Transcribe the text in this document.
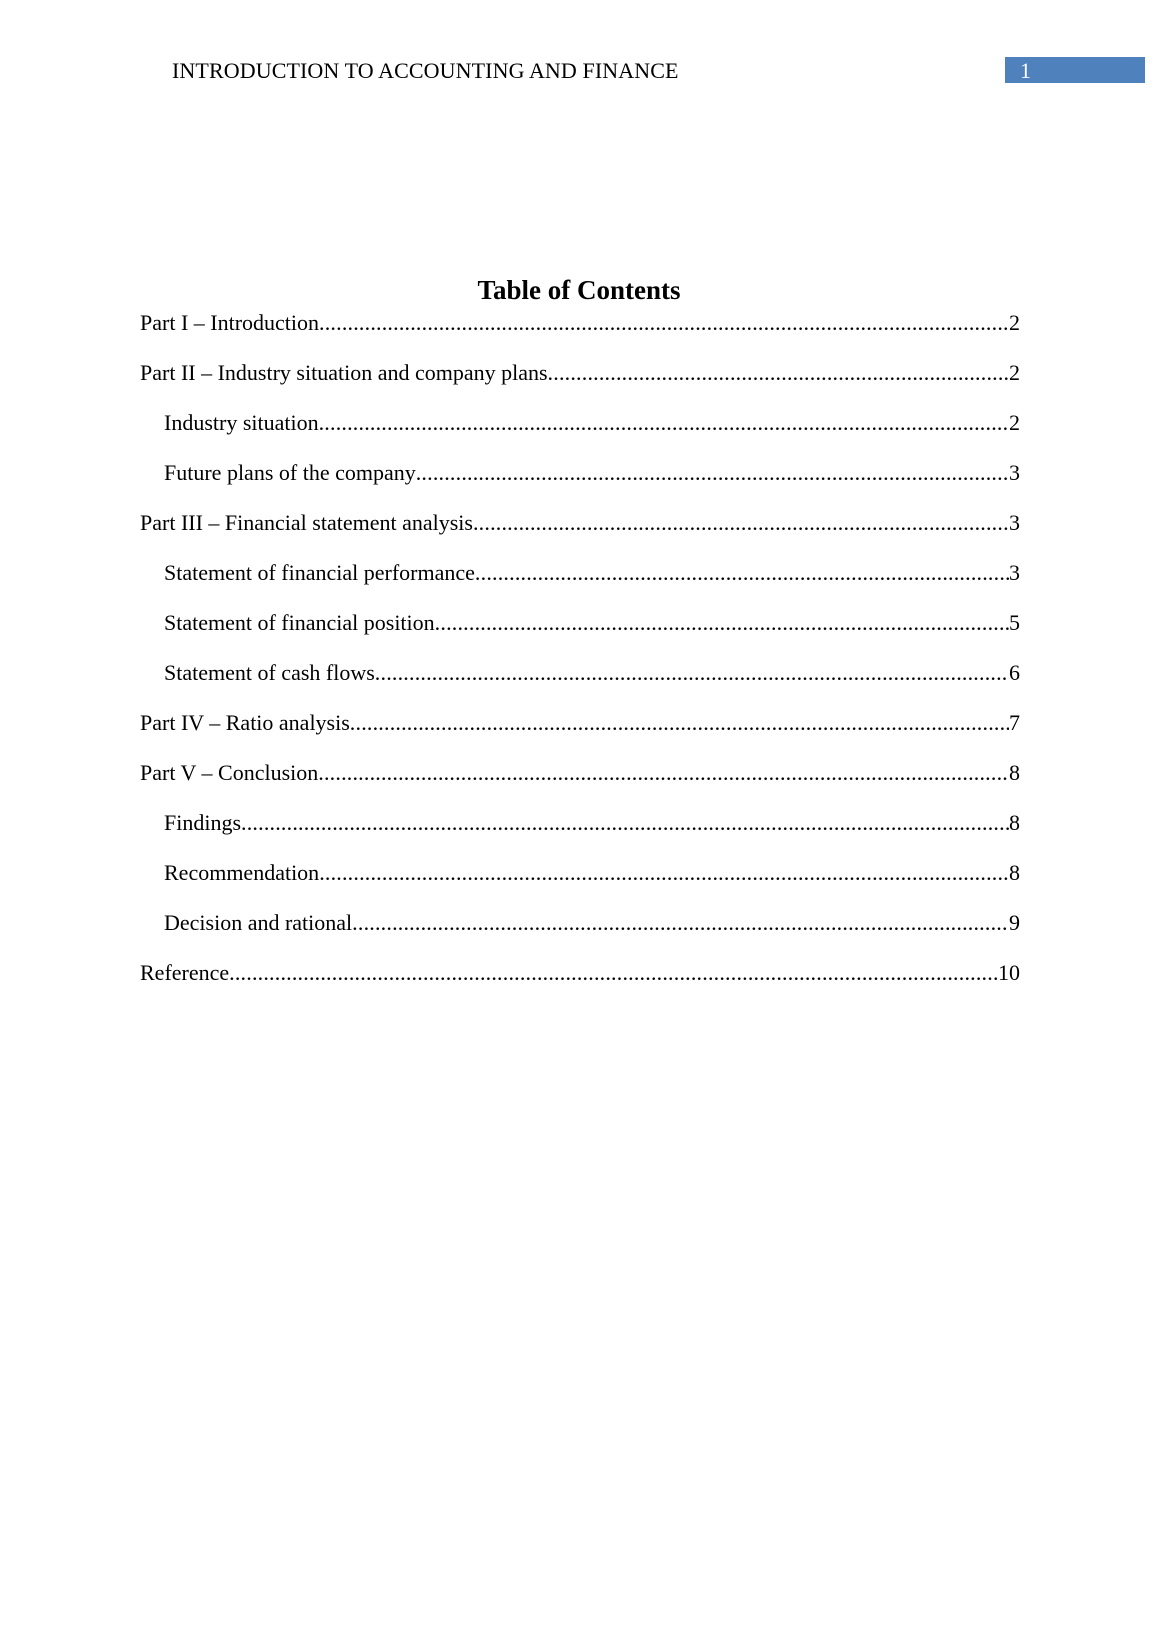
INTRODUCTION TO ACCOUNTING AND FINANCE	1
Table of Contents
Part I – Introduction .....	2
Part II – Industry situation and company plans .....	2
Industry situation .....	2
Future plans of the company .....	3
Part III – Financial statement analysis .....	3
Statement of financial performance .....	3
Statement of financial position .....	5
Statement of cash flows .....	6
Part IV – Ratio analysis .....	7
Part V – Conclusion .....	8
Findings .....	8
Recommendation .....	8
Decision and rational .....	9
Reference .....	10
